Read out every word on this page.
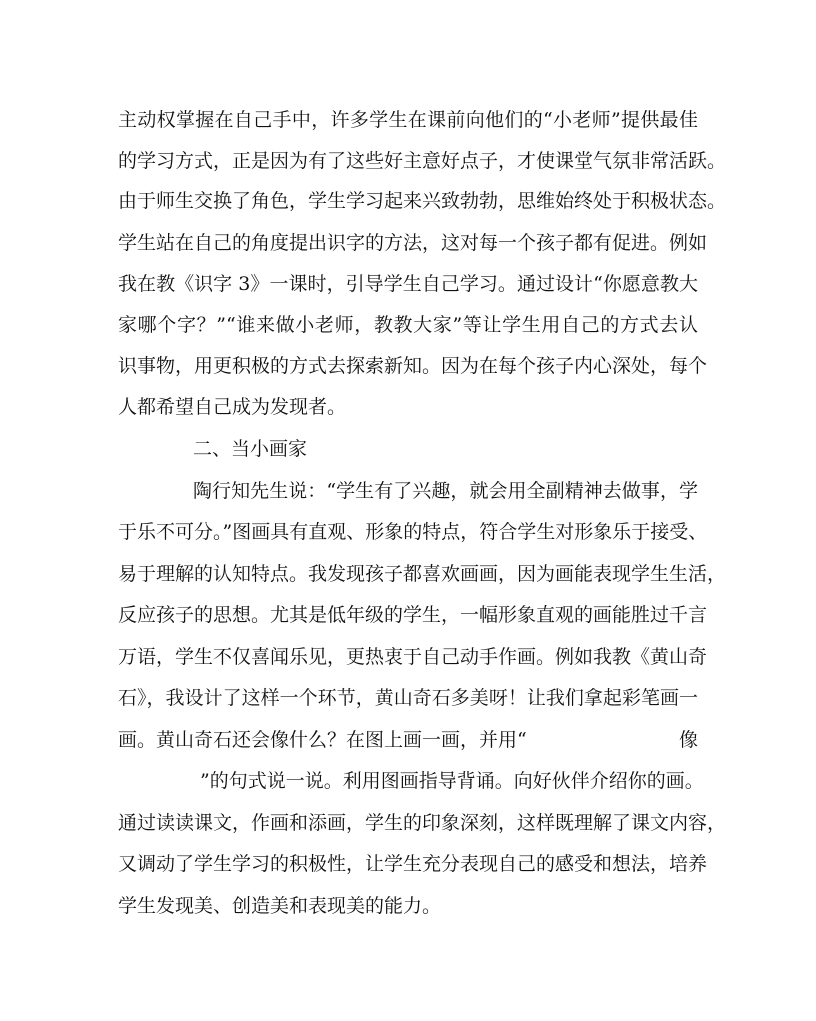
主动权掌握在自己手中，许多学生在课前向他们的“小老师”提供最佳
的学习方式，正是因为有了这些好主意好点子，才使课堂气氛非常活跃。
由于师生交换了角色，学生学习起来兴致勃勃，思维始终处于积极状态。
学生站在自己的角度提出识字的方法，这对每一个孩子都有促进。例如
我在教《识字 3》一课时，引导学生自己学习。通过设计“你愿意教大
家哪个字？”“谁来做小老师，教教大家”等让学生用自己的方式去认
识事物，用更积极的方式去探索新知。因为在每个孩子内心深处，每个
人都希望自己成为发现者。
二、当小画家
陶行知先生说：“学生有了兴趣，就会用全副精神去做事，学
于乐不可分。”图画具有直观、形象的特点，符合学生对形象乐于接受、
易于理解的认知特点。我发现孩子都喜欢画画，因为画能表现学生生活，
反应孩子的思想。尤其是低年级的学生，一幅形象直观的画能胜过千言
万语，学生不仅喜闻乐见，更热衷于自己动手作画。例如我教《黄山奇
石》，我设计了这样一个环节，黄山奇石多美呀！让我们拿起彩笔画一
画。黄山奇石还会像什么？在图上画一画，并用“	像
”的句式说一说。利用图画指导背诵。向好伙伴介绍你的画。
通过读读课文，作画和添画，学生的印象深刻，这样既理解了课文内容，
又调动了学生学习的积极性，让学生充分表现自己的感受和想法，培养
学生发现美、创造美和表现美的能力。
